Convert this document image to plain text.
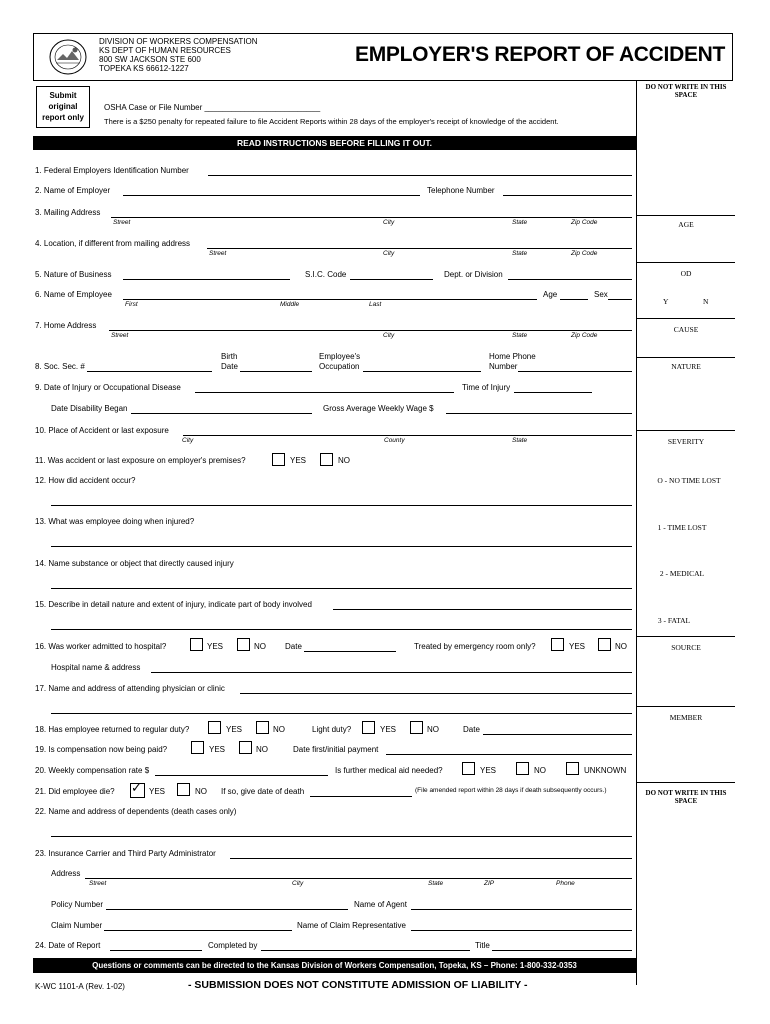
DIVISION OF WORKERS COMPENSATION
KS DEPT OF HUMAN RESOURCES
800 SW JACKSON STE 600
TOPEKA KS 66612-1227
EMPLOYER'S REPORT OF ACCIDENT
Submit
original
report only
OSHA Case or File Number __________________________
There is a $250 penalty for repeated failure to file Accident Reports within 28 days of the employer's receipt of knowledge of the accident.
READ INSTRUCTIONS BEFORE FILLING IT OUT.
DO NOT WRITE IN THIS SPACE
AGE
OD
Y	N
CAUSE
NATURE
SEVERITY
O - NO TIME LOST
1 - TIME LOST
2 - MEDICAL
3 - FATAL
SOURCE
MEMBER
DO NOT WRITE IN THIS SPACE
1. Federal Employers Identification Number
2. Name of Employer	Telephone Number
3. Mailing Address
Street	City	State	Zip Code
4. Location, if different from mailing address
Street	City	State	Zip Code
5. Nature of Business	S.I.C. Code	Dept. or Division
6. Name of Employee	Age	Sex
First	Middle	Last
7. Home Address
Street	City	State	Zip Code
8. Soc. Sec. #
Birth
Date
Employee's
Occupation
Home Phone
Number
9. Date of Injury or Occupational Disease	Time of Injury
Date Disability Began	Gross Average Weekly Wage $
10. Place of Accident or last exposure
City	County	State
11. Was accident or last exposure on employer's premises?	YES	NO
12. How did accident occur?
13. What was employee doing when injured?
14. Name substance or object that directly caused injury
15. Describe in detail nature and extent of injury, indicate part of body involved
16. Was worker admitted to hospital?	YES	NO Date	Treated by emergency room only?	YES	NO
Hospital name & address
17. Name and address of attending physician or clinic
18. Has employee returned to regular duty?	YES	NO	Light duty?	YES	NO	Date
19. Is compensation now being paid?	YES	NO	Date first/initial payment
20. Weekly compensation rate $	Is further medical aid needed?	YES	NO	UNKNOWN
21. Did employee die? ✓ YES	NO If so, give date of death	(File amended report within 28 days if death subsequently occurs.)
22. Name and address of dependents (death cases only)
23. Insurance Carrier and Third Party Administrator
Address
Street	City	State	ZIP	Phone
Policy Number	Name of Agent
Claim Number	Name of Claim Representative
24. Date of Report	Completed by	Title
Questions or comments can be directed to the Kansas Division of Workers Compensation, Topeka, KS – Phone: 1-800-332-0353
K-WC 1101-A (Rev. 1-02)	- SUBMISSION DOES NOT CONSTITUTE ADMISSION OF LIABILITY -
